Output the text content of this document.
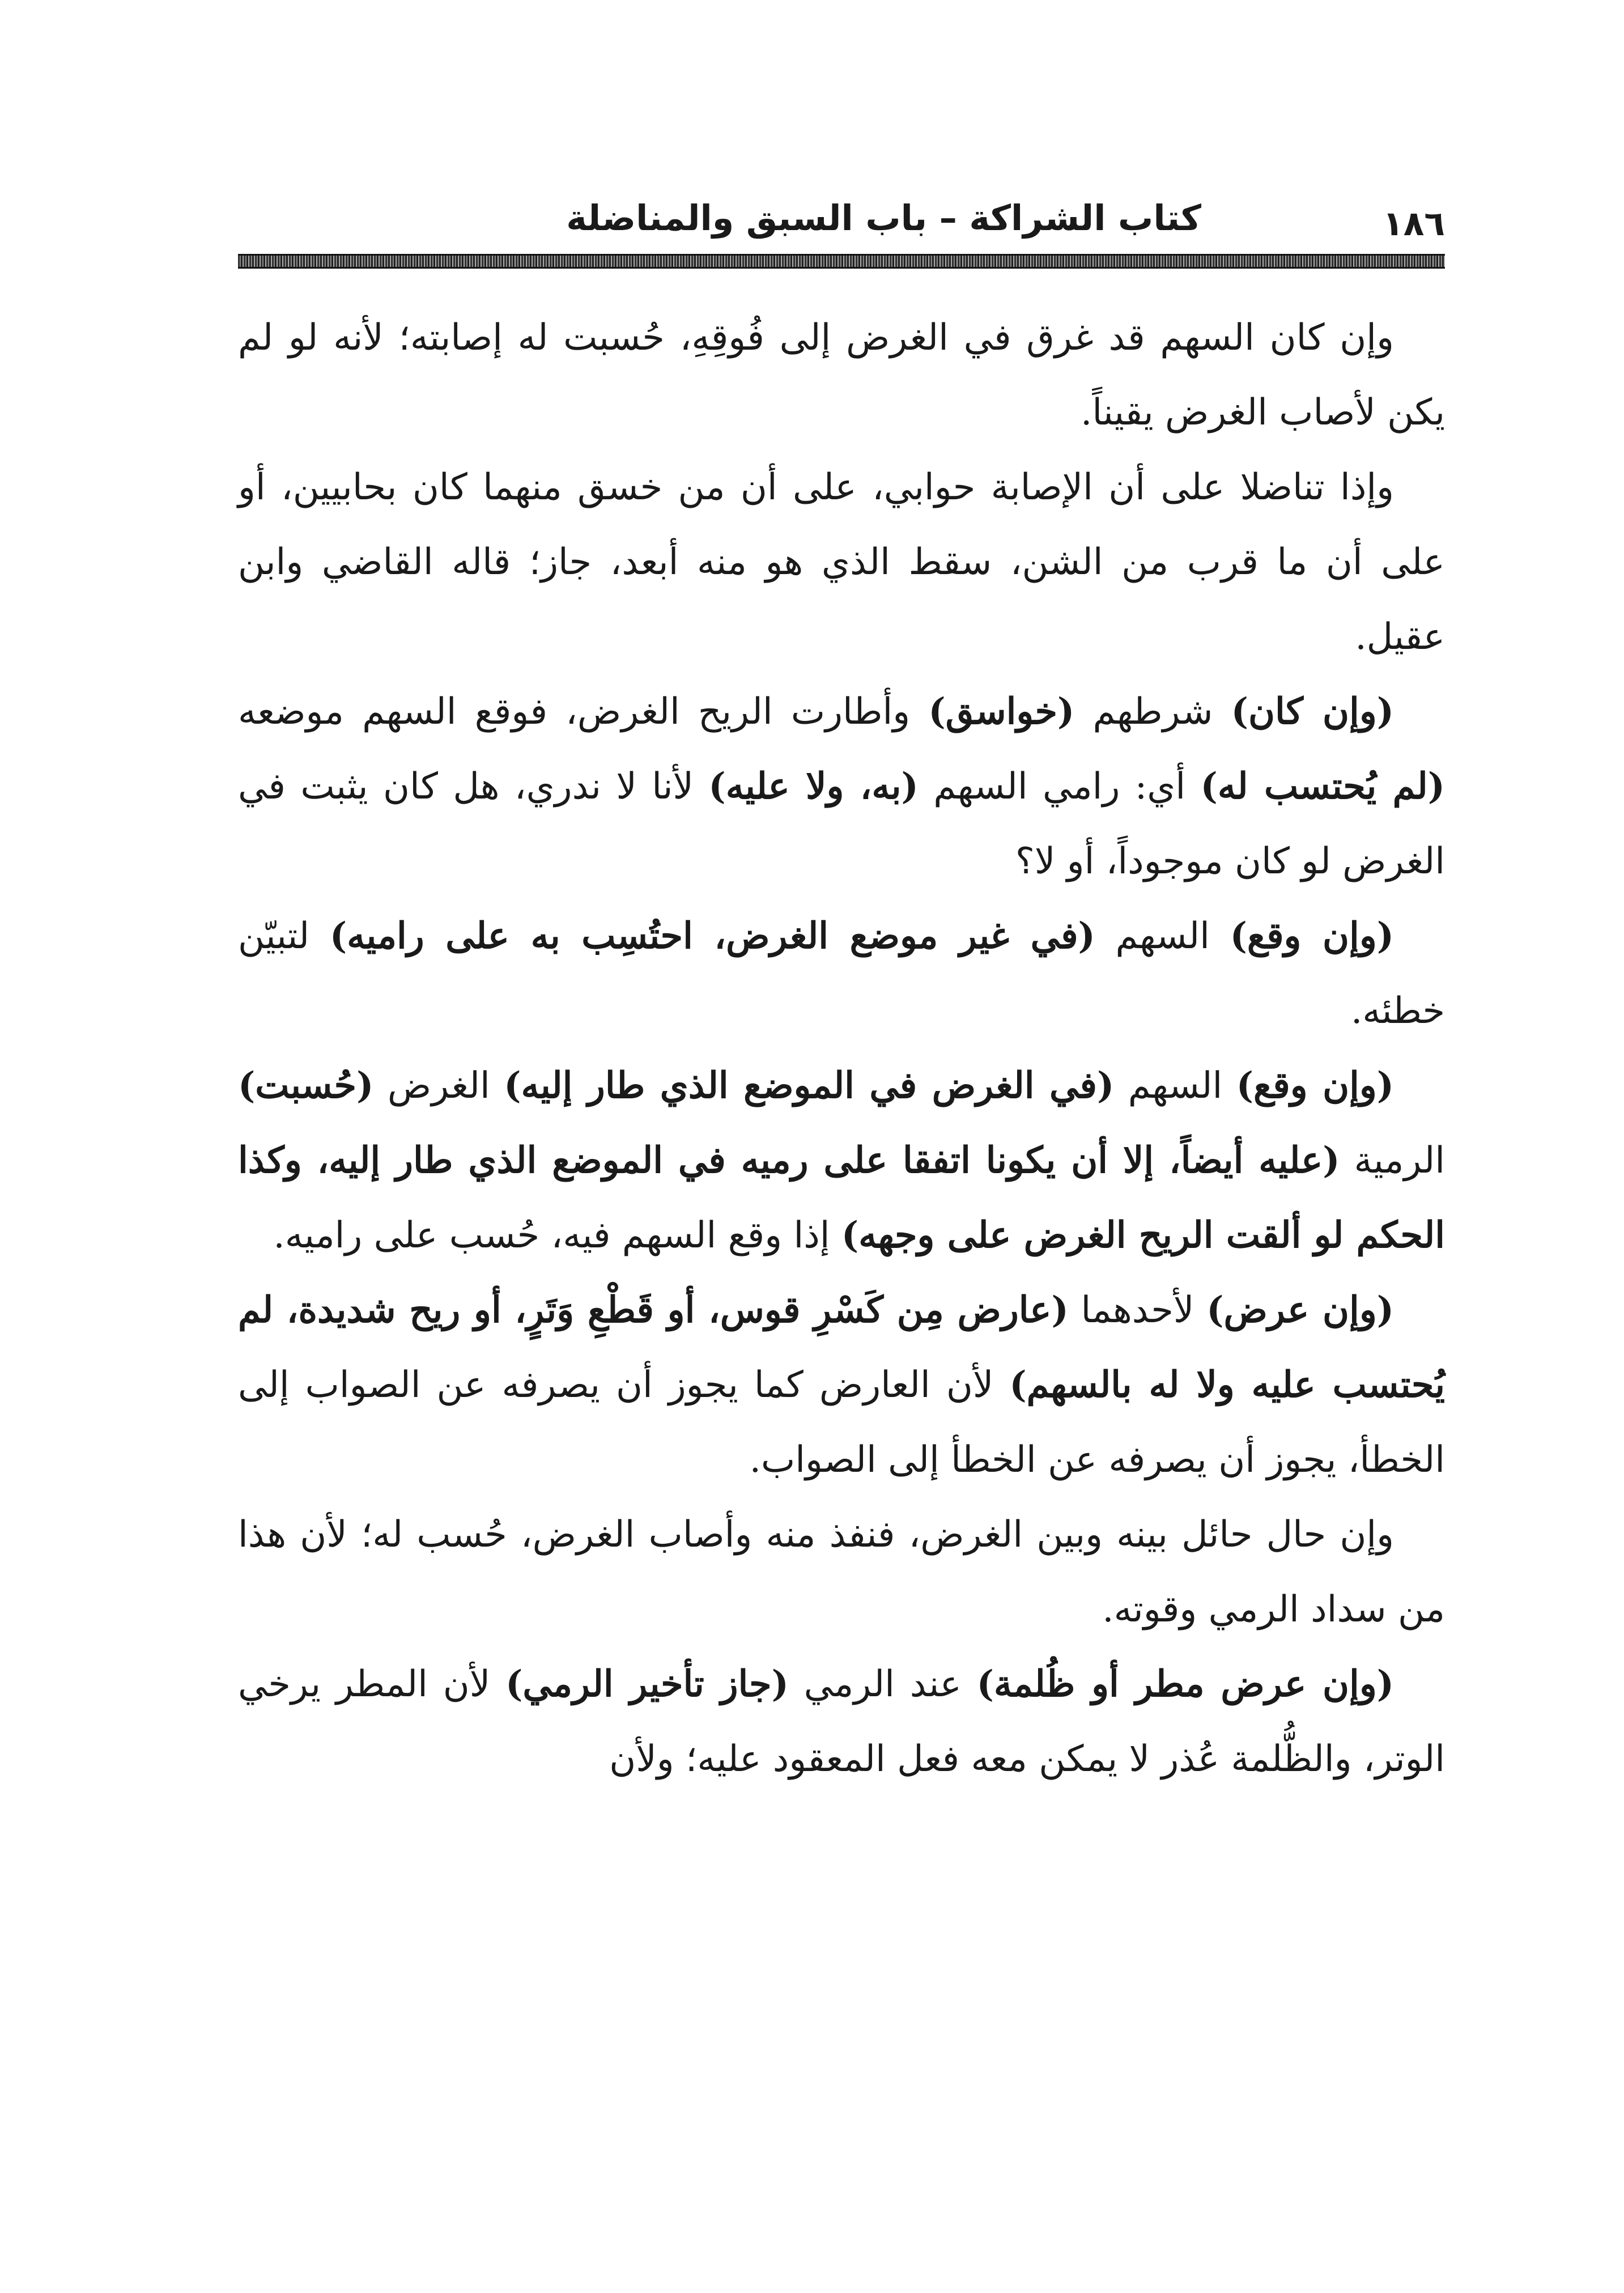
كتاب الشراكة – باب السبق والمناضلة	١٨٦

وإن كان السهم قد غرق في الغرض إلى فُوقِهِ، حُسبت له إصابته؛ لأنه لو لم يكن لأصاب الغرض يقيناً.

وإذا تناضلا على أن الإصابة حوابي، على أن من خسق منهما كان بحابيين، أو على أن ما قرب من الشن، سقط الذي هو منه أبعد، جاز؛ قاله القاضي وابن عقيل.

(وإن كان) شرطهم (خواسق) وأطارت الريح الغرض، فوقع السهم موضعه (لم يُحتسب له) أي: رامي السهم (به، ولا عليه) لأنا لا ندري، هل كان يثبت في الغرض لو كان موجوداً، أو لا؟

(وإن وقع) السهم (في غير موضع الغرض، احتُسِب به على راميه) لتبيّن خطئه.

(وإن وقع) السهم (في الغرض في الموضع الذي طار إليه) الغرض (حُسبت) الرمية (عليه أيضاً، إلا أن يكونا اتفقا على رميه في الموضع الذي طار إليه، وكذا الحكم لو ألقت الريح الغرض على وجهه) إذا وقع السهم فيه، حُسب على راميه.

(وإن عرض) لأحدهما (عارض مِن كَسْرِ قوس، أو قَطْعِ وَتَرٍ، أو ريح شديدة، لم يُحتسب عليه ولا له بالسهم) لأن العارض كما يجوز أن يصرفه عن الصواب إلى الخطأ، يجوز أن يصرفه عن الخطأ إلى الصواب.

وإن حال حائل بينه وبين الغرض، فنفذ منه وأصاب الغرض، حُسب له؛ لأن هذا من سداد الرمي وقوته.

(وإن عرض مطر أو ظُلمة) عند الرمي (جاز تأخير الرمي) لأن المطر يرخي الوتر، والظُّلمة عُذر لا يمكن معه فعل المعقود عليه؛ ولأن
